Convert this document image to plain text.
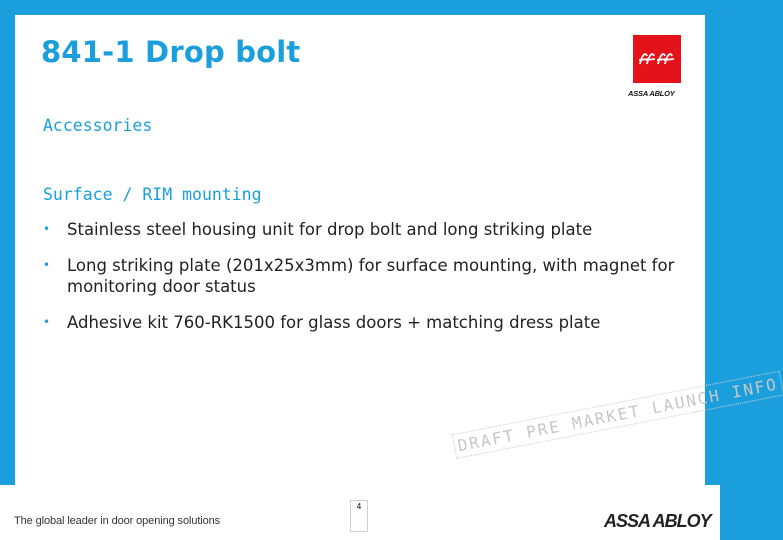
841-1 Drop bolt
ASSA ABLOY
Accessories
Surface / RIM mounting
• Stainless steel housing unit for drop bolt and long striking plate
• Long striking plate (201x25x3mm) for surface mounting, with magnet for monitoring door status
• Adhesive kit 760-RK1500 for glass doors + matching dress plate
DRAFT PRE MARKET LAUNCH INFO
The global leader in door opening solutions
4
ASSA ABLOY
